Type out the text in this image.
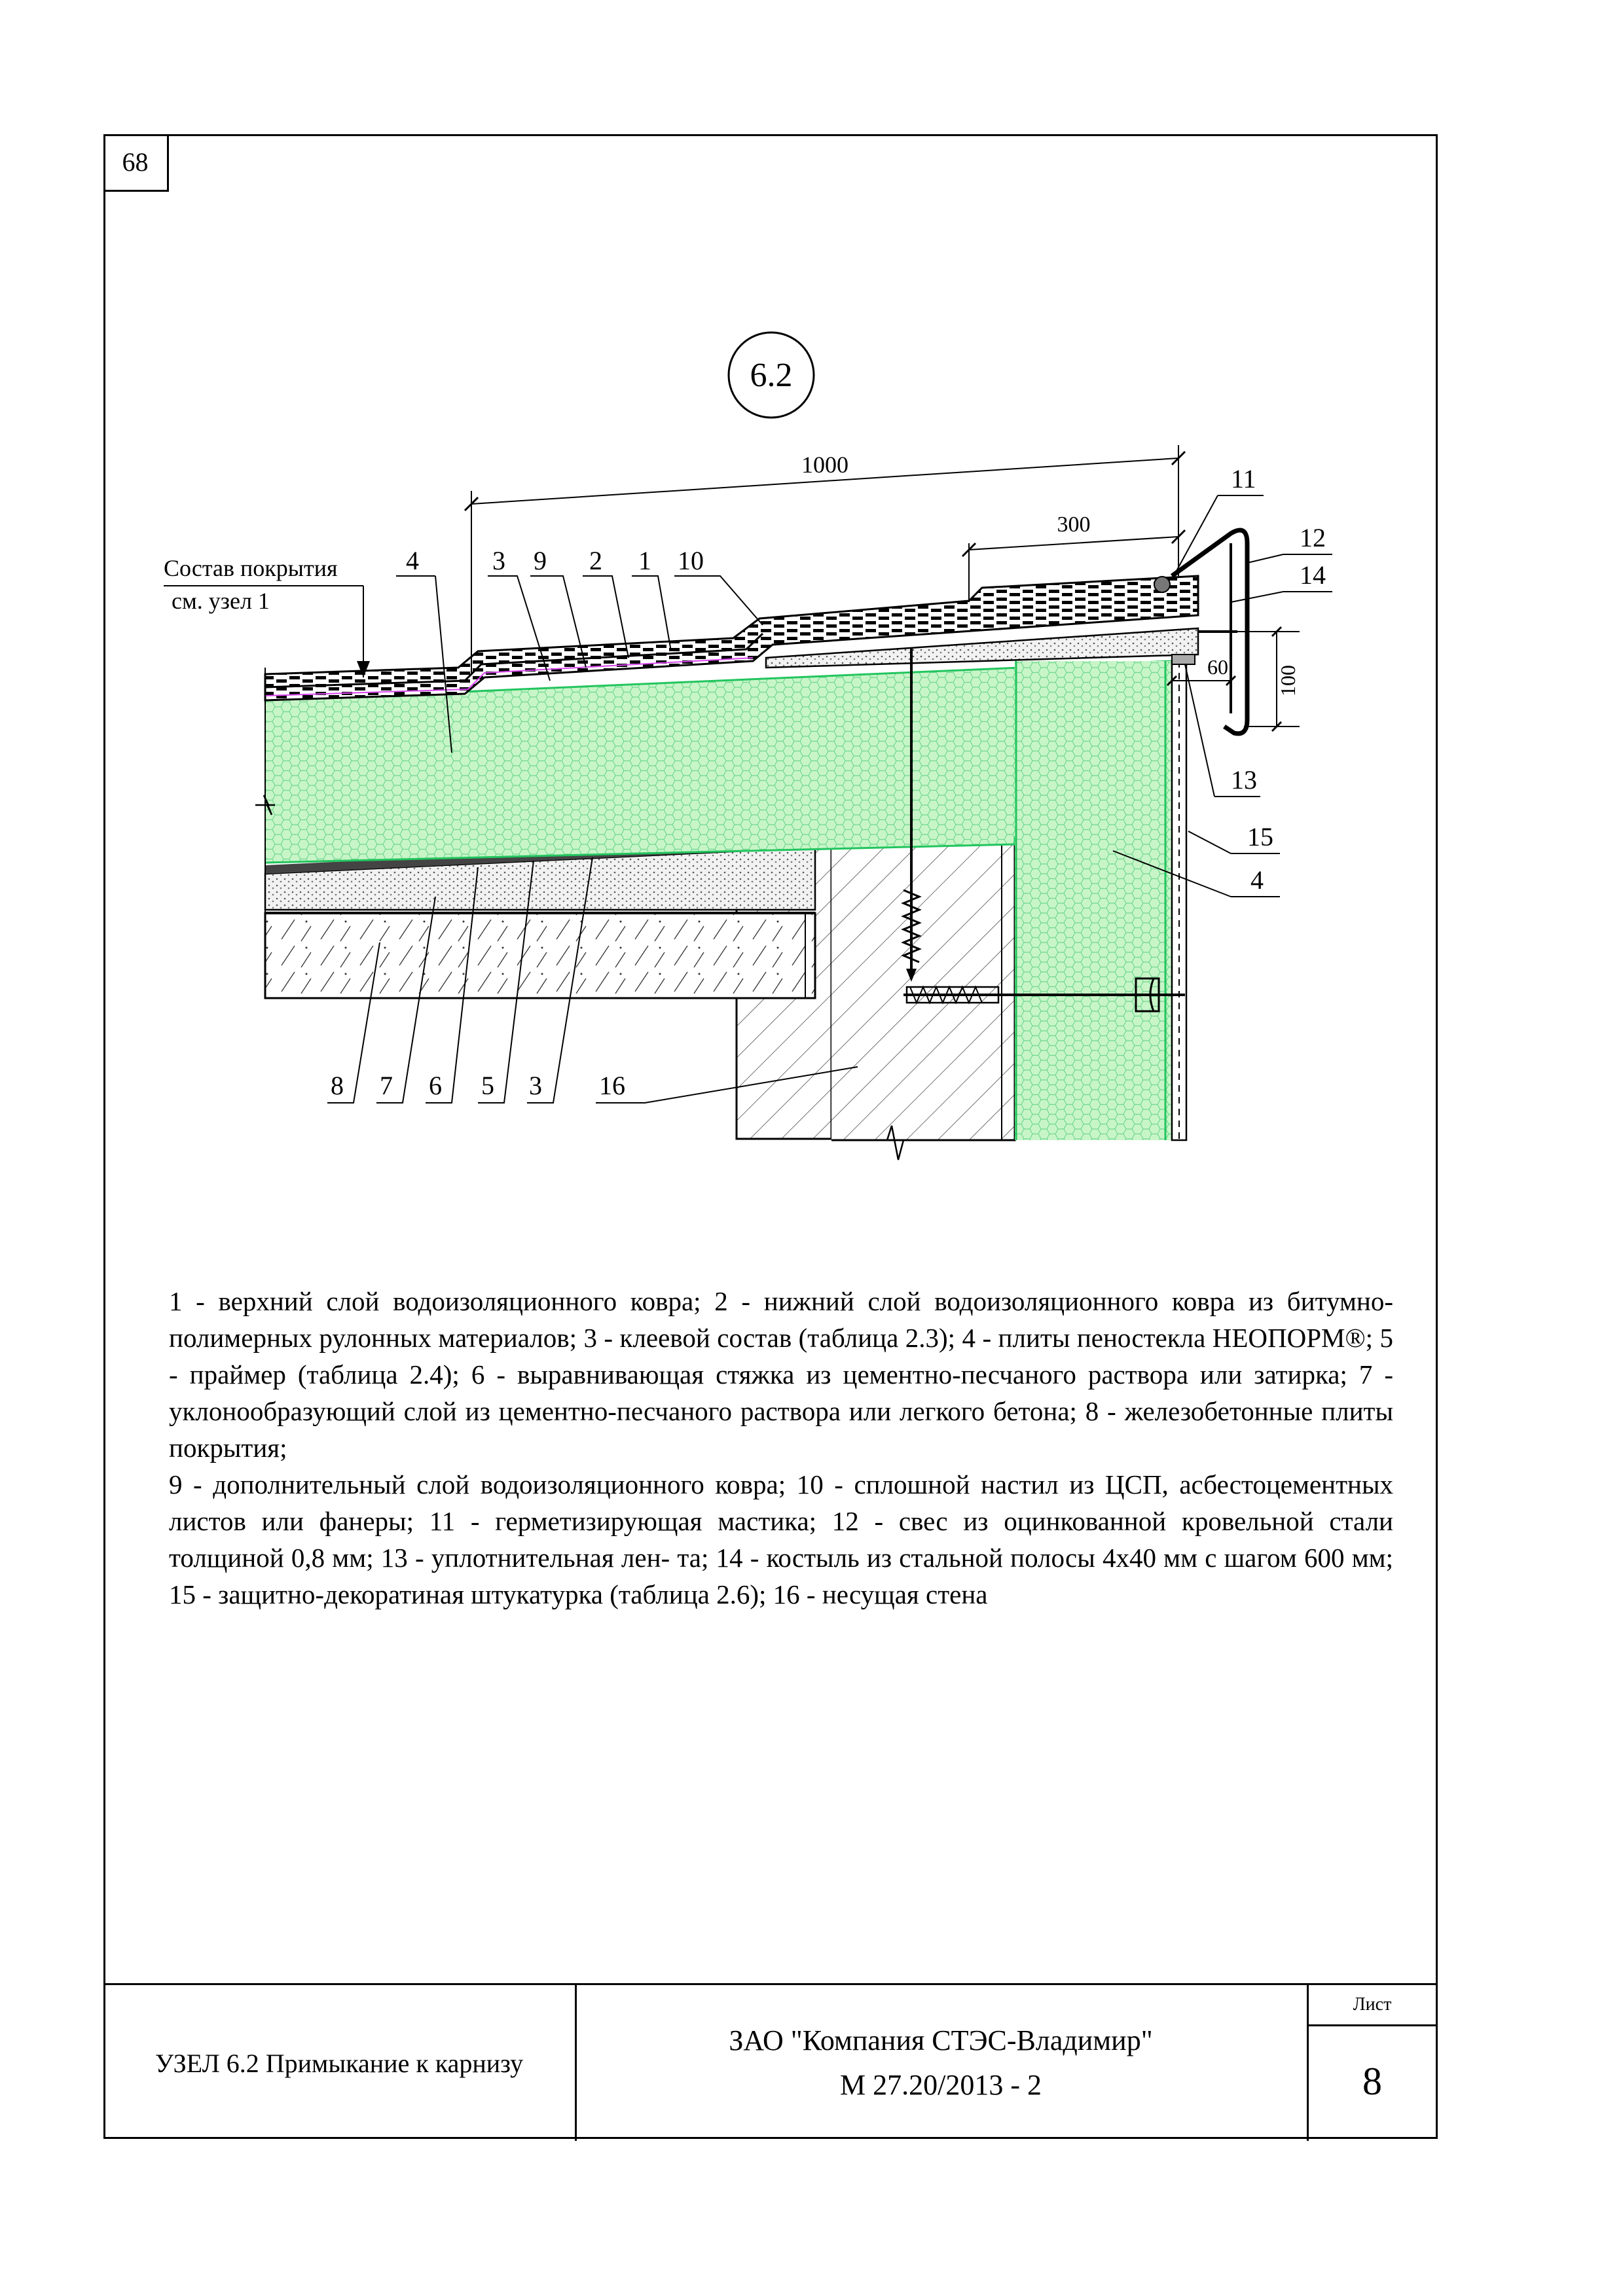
68
6.2
1000
300
60 100
Состав покрытия
см. узел 1
4	3 9 2 1 10
11
12
14
13
15
4
8 7 6 5 3 16

1 - верхний слой водоизоляционного ковра; 2 - нижний слой водоизоляционного ковра из битумно-полимерных рулонных материалов; 3 - клеевой состав (таблица 2.3); 4 - плиты пеностекла НЕОПОРМ®; 5 - праймер (таблица 2.4); 6 - выравнивающая стяжка из цементно-песчаного раствора или затирка; 7 - уклонообразующий слой из цементно-песчаного раствора или легкого бетона; 8 - железобетонные плиты покрытия;

9 - дополнительный слой водоизоляционного ковра; 10 - сплошной настил из ЦСП, асбестоцементных листов или фанеры; 11 - герметизирующая мастика; 12 - свес из оцинкованной кровельной стали толщиной 0,8 мм; 13 - уплотнительная лен- та; 14 - костыль из стальной полосы 4х40 мм с шагом 600 мм; 15 - защитно-декоратиная штукатурка (таблица 2.6); 16 - несущая стена

УЗЕЛ 6.2 Примыкание к карнизу
ЗАО "Компания СТЭС-Владимир"
М 27.20/2013 - 2
Лист
8
